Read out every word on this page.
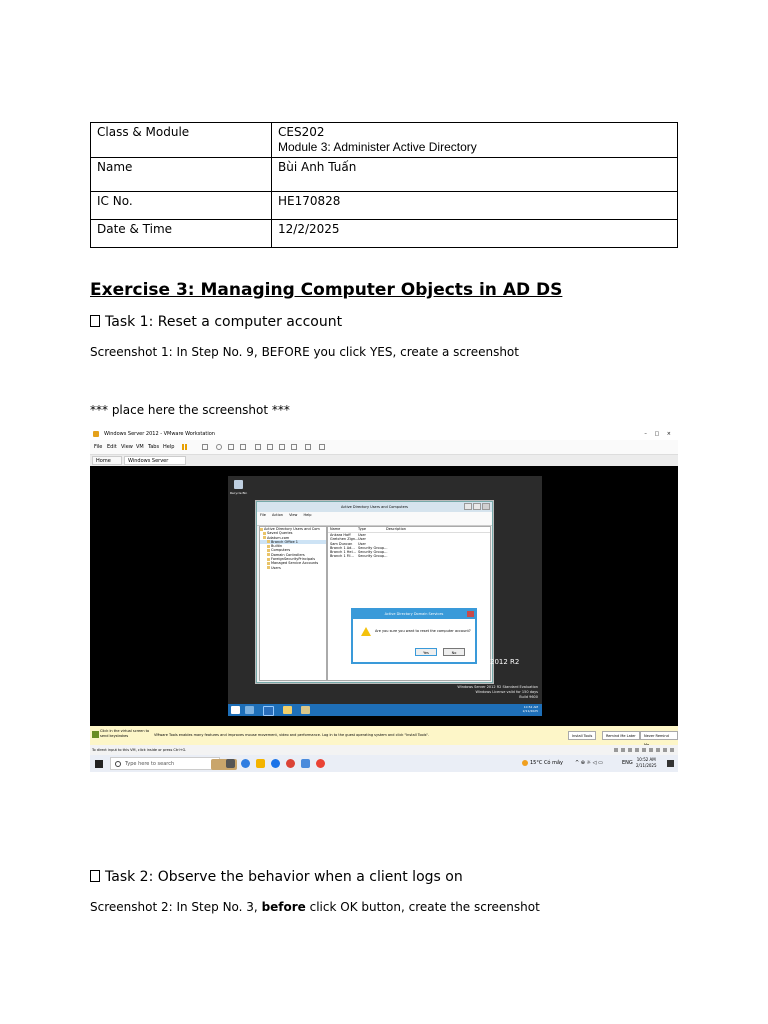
Class & Module	CES202
Module 3: Administer Active Directory

Name	Bùi Anh Tuấn
IC No.	HE170828
Date & Time	12/2/2025
Exercise 3: Managing Computer Objects in AD DS
Task 1: Reset a computer account
Screenshot 1: In Step No. 9, BEFORE you click YES, create a screenshot
*** place here the screenshot ***
Windows Server 2012 - VMware Workstation	– □ ×
File Edit View VM Tabs Help
Home	Windows Server
Recycle Bin
Active Directory Users and Computers
File Action View Help
Active Directory Users and Com
Saved Queries
Adatum.com
Branch Office 1
Builtin
Computers
Domain Controllers
ForeignSecurityPrincipals
Managed Service Accounts
Users
Name	Type	Description
Ankara Hoff User
Gretchen Zign...User
Sam Duncan User
Branch 1 Ad... Security Group...
Branch 1 Hel... Security Group...
Branch 1 Fil... Security Group...
Active Directory Domain Services
Are you sure you want to reset the computer account?
Yes	No
2012 R2
Windows Server 2012 R2 Standard Evaluation
Windows License valid for 150 days
Build 9600
10:52 AM
2/11/2025
Click in the virtual screen to send keystrokes	VMware Tools enables many features and improves mouse movement, video and performance. Log in to the guest operating system and click "Install Tools".	Install Tools	Remind Me Later	Never Remind
To direct input to this VM, click inside or press Ctrl+G.
Type here to search	15°C Có mây ^ ⊕ ☼ ◁ ▭	ENG
10:52 AM
2/11/2025
Task 2: Observe the behavior when a client logs on
Screenshot 2: In Step No. 3, before click OK button, create the screenshot
